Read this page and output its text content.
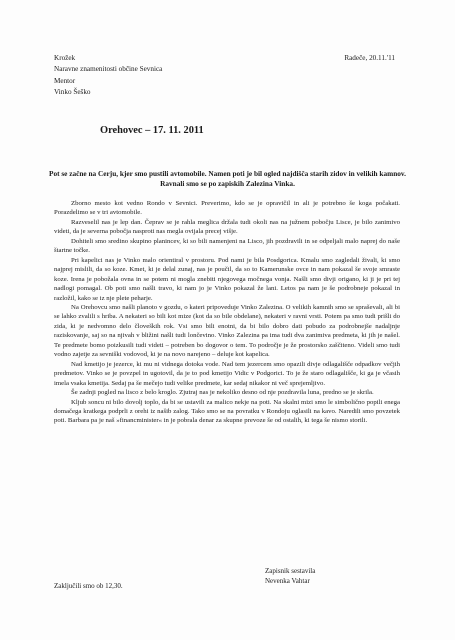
Krožek
Naravne znamenitosti občine Sevnica
Mentor
Vinko Šeško
Radeče, 20.11.'11
Orehovec – 17. 11. 2011
Pot se začne na Cerju, kjer smo pustili avtomobile. Namen poti je bil ogled najdišča starih zidov in velikih kamnov. Ravnali smo se po zapiskih Zalezina Vinka.

Zborno mesto kot vedno Rondo v Sevnici. Preverimo, kdo se je opravičil in ali je potrebno še koga počakati. Porazdelimo se v tri avtomobile.

Razveselil nas je lep dan. Čeprav se je rahla meglica držala tudi okoli nas na južnem pobočju Lisce, je bilo zanimivo videti, da je severna pobočja nasproti nas megla ovijala precej višje.

Dohiteli smo sredino skupino planincev, ki so bili namenjeni na Lisco, jih pozdravili in se odpeljali malo naprej do naše štartne točke.

Pri kapelici nas je Vinko malo orientiral v prostoru. Pod nami je bila Posdgorica. Kmalu smo zagledali živali, ki smo najprej mislili, da so koze. Kmet, ki je delal zunaj, nas je poučil, da so to Kamerunske ovce in nam pokazal še svoje smraste koze. Irena je pobožala ovna in se potem ni mogla znebiti njegovega močnega vonja. Našli smo divji origano, ki ji je pri tej nadlogi pomagal. Ob poti smo našli travo, ki nam jo je Vinko pokazal že lani. Letos pa nam je še podrobneje pokazal in razložil, kako se iz nje plete peharje.

Na Orehovcu smo našli planoto v gozdu, o kateri pripoveduje Vinko Zalezina. O velikih kamnih smo se spraševali, ali bi se lahko zvalili s hriba. A nekateri so bili kot mize (kot da so bile obdelane), nekateri v ravni vrsti. Potem pa smo tudi prišli do zida, ki je nedvomno delo človeških rok. Vsi smo bili enotni, da bi bilo dobro dati pobudo za podrobnejše nadaljnje raziskovanje, saj so na njivah v bližini našli tudi lončevino. Vinko Zalezina pa ima tudi dva zanimiva predmeta, ki jih je našel. Te predmete bomo poizkusili tudi videti – potreben bo dogovor o tem. To področje je že prostorsko zaščiteno. Videli smo tudi vodno zajetje za sevniški vodovod, ki je na novo narejeno – deluje kot kapelica.

Nad kmetijo je jezerce, ki mu ni vidnega dotoka vode. Nad tem jezercem smo opazili divje odlagališče odpadkov večjih predmetov. Vinko se je povzpel in ugotovil, da je to pod kmetijo Vidic v Podgorici. To je že staro odlagališče, ki ga je včasih imela vsaka kmetija. Sedaj pa še mečejo tudi velike predmete, kar sedaj nikakor ni več sprejemljivo.

Še zadnji pogled na lisco z belo kroglo. Zjutraj nas je nekoliko desno od nje pozdravila luna, predno se je skrila.

Kljub soncu ni bilo dovolj toplo, da bi se ustavili za malico nekje na poti. Na skalni mizi smo le simbolično popili enega domačega kratkega podprli z orehi iz našib zalog. Tako smo se na povratku v Rondoju oglasili na kavo. Naredili smo povzetek poti. Barbara pa je naš »financminister« in je pobrala denar za skupne prevoze še od ostalih, ki tega še nismo storili.

Zaključili smo ob 12,30.
Zapisnik sestavila
Nevenka Vahtar
